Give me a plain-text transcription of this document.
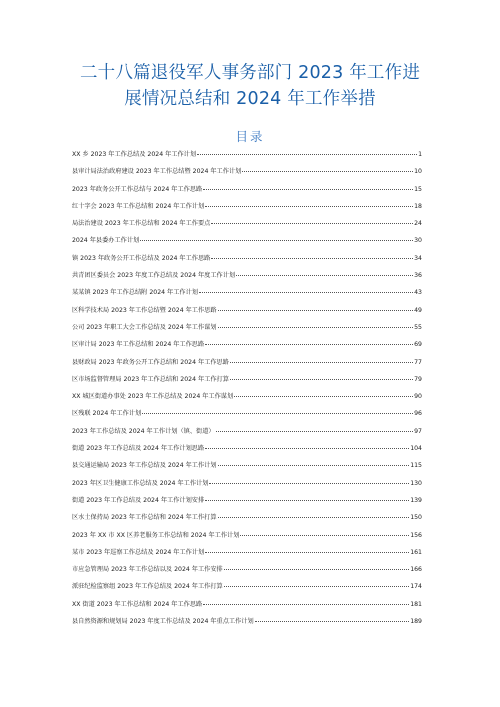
二十八篇退役军人事务部门 2023 年工作进
展情况总结和 2024 年工作举措
目录
XX 乡 2023 年工作总结及 2024 年工作计划	1
县审计局法治政府建设 2023 年工作总结暨 2024 年工作计划	10
2023 年政务公开工作总结与 2024 年工作思路	15
红十字会 2023 年工作总结和 2024 年工作计划	18
局法治建设 2023 年工作总结和 2024 年工作要点	24
2024 年县委办工作计划	30
镇 2023 年政务公开工作总结及 2024 年工作思路	34
共青团区委员会 2023 年度工作总结及 2024 年度工作计划	36
某某镇 2023 年工作总结附 2024 年工作计划	43
区科学技术局 2023 年工作总结暨 2024 年工作思路	49
公司 2023 年职工大会工作总结及 2024 年工作谋划	55
区审计局 2023 年工作总结和 2024 年工作思路	69
县财政局 2023 年政务公开工作总结和 2024 年工作思路	77
区市场监督管理局 2023 年工作总结和 2024 年工作打算	79
XX 城区街道办事处 2023 年工作总结及 2024 年工作谋划	90
区残联 2024 年工作计划	96
2023 年工作总结及 2024 年工作计划（镇、街道）	97
街道 2023 年工作总结及 2024 年工作计划思路	104
县交通运输局 2023 年工作总结及 2024 年工作计划	115
2023 年区卫生健康工作总结及 2024 年工作计划	130
街道 2023 年工作总结及 2024 年工作计划安排	139
区水土保持局 2023 年工作总结和 2024 年工作打算	150
2023 年 XX 市 XX 区养老服务工作总结和 2024 年工作计划	156
某市 2023 年巡察工作总结及 2024 年工作计划	161
市应急管理局 2023 年工作总结以及 2024 年工作安排	166
派驻纪检监察组 2023 年工作总结及 2024 年工作打算	174
XX 街道 2023 年工作总结和 2024 年工作思路	181
县自然资源和规划局 2023 年度工作总结及 2024 年重点工作计划	189
